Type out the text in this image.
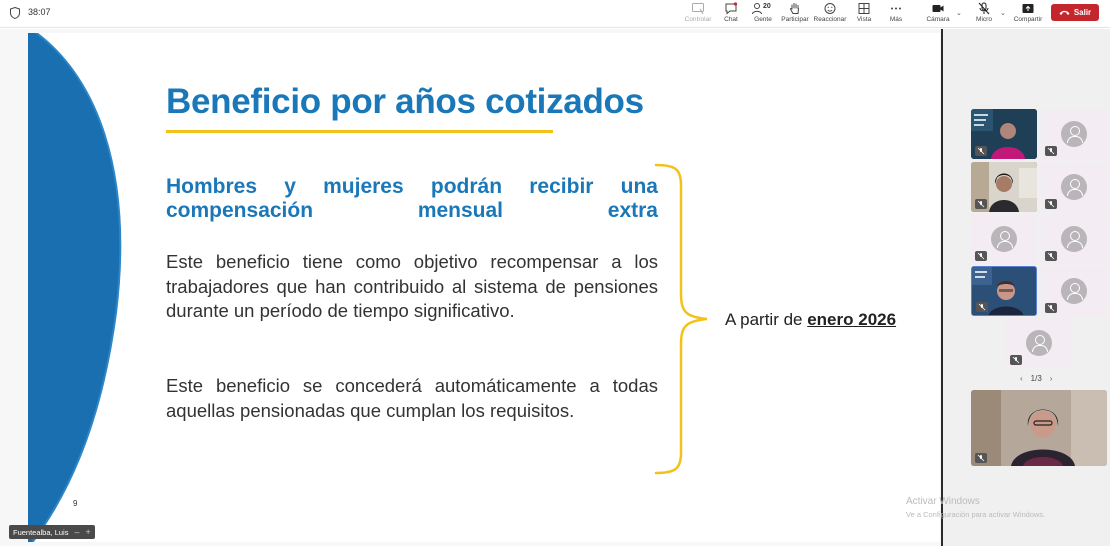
38:07
Controlar Chat
20
Gente Participar Reaccionar Vista	Más	Cámara
⌄
Micro
⌄
Compartir
Salir
Beneficio por años cotizados
Hombres y mujeres podrán recibir una compensación mensual extra
Este beneficio tiene como objetivo recompensar a los trabajadores que han contribuido al sistema de pensiones durante un período de tiempo significativo.
Este beneficio se concederá automáticamente a todas aquellas pensionadas que cumplan los requisitos.
A partir de enero 2026
9
Fuentealba, Luis – +
‹ 1/3 ›
Activar Windows
Ve a Configuración para activar Windows.
